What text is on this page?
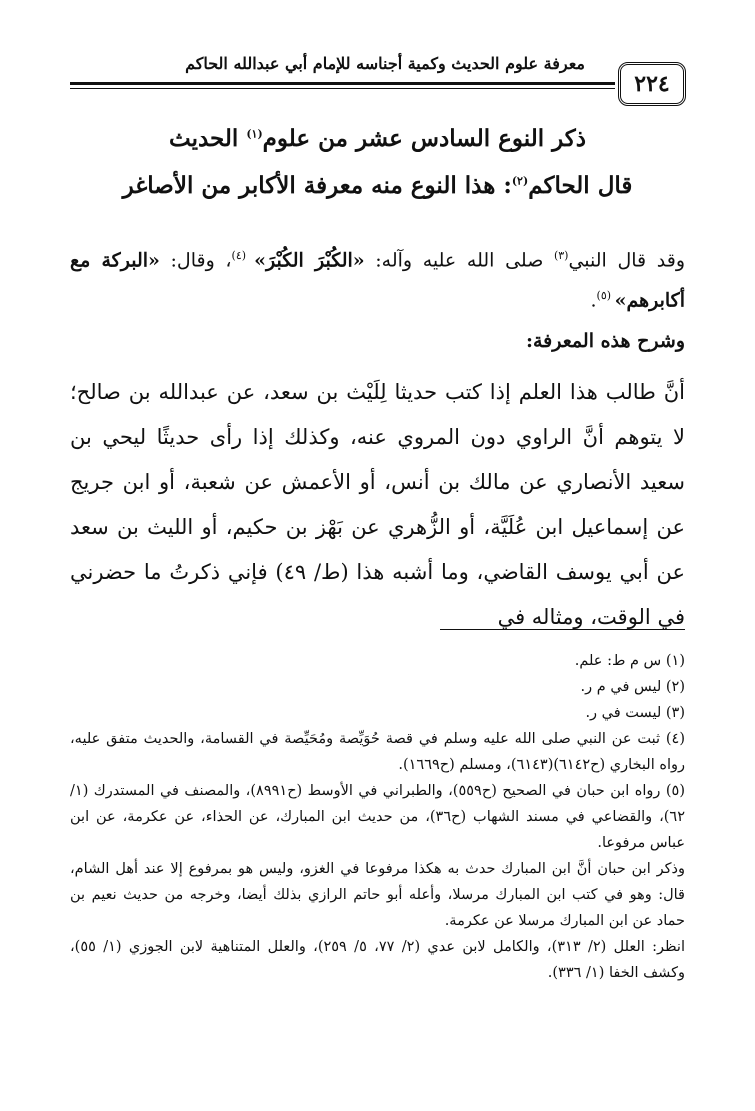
معرفة علوم الحديث وكمية أجناسه للإمام أبي عبدالله الحاكم
٢٢٤
ذكر النوع السادس عشر من علوم$^{(١)}$ الحديث
قال الحاكم$^{(٢)}$: هذا النوع منه معرفة الأكابر من الأصاغر
وقد قال النبي$^{(٣)}$ صلى الله عليه وآله: «الكُبْرَ الكُبْرَ» $^{(٤)}$، وقال: «البركة مع أكابرهم» $^{(٥)}$.
وشرح هذه المعرفة:
أنَّ طالب هذا العلم إذا كتب حديثا لِلَيْث بن سعد، عن عبدالله بن صالح؛ لا يتوهم أنَّ الراوي دون المروي عنه، وكذلك إذا رأى حديثًا ليحي بن سعيد الأنصاري عن مالك بن أنس، أو الأعمش عن شعبة، أو ابن جريج عن إسماعيل ابن عُلَيَّة، أو الزُّهري عن بَهْز بن حكيم، أو الليث بن سعد عن أبي يوسف القاضي، وما أشبه هذا (ط/ ٤٩) فإني ذكرتُ ما حضرني في الوقت، ومثاله في

(١) س م ط: علم.

(٢) ليس في م ر.

(٣) ليست في ر.

(٤) ثبت عن النبي صلى الله عليه وسلم في قصة حُوَيِّصة ومُحَيِّصة في القسامة، والحديث متفق عليه، رواه البخاري (ح٦١٤٢)(٦١٤٣)، ومسلم (ح١٦٦٩).

(٥) رواه ابن حبان في الصحيح (ح٥٥٩)، والطبراني في الأوسط (ح٨٩٩١)، والمصنف في المستدرك (١/ ٦٢)، والقضاعي في مسند الشهاب (ح٣٦)، من حديث ابن المبارك، عن الحذاء، عن عكرمة، عن ابن عباس مرفوعا.

وذكر ابن حبان أنَّ ابن المبارك حدث به هكذا مرفوعا في الغزو، وليس هو بمرفوع إلا عند أهل الشام، قال: وهو في كتب ابن المبارك مرسلا، وأعله أبو حاتم الرازي بذلك أيضا، وخرجه من حديث نعيم بن حماد عن ابن المبارك مرسلا عن عكرمة.

انظر: العلل (٢/ ٣١٣)، والكامل لابن عدي (٢/ ٧٧، ٥/ ٢٥٩)، والعلل المتناهية لابن الجوزي (١/ ٥٥)، وكشف الخفا (١/ ٣٣٦).
